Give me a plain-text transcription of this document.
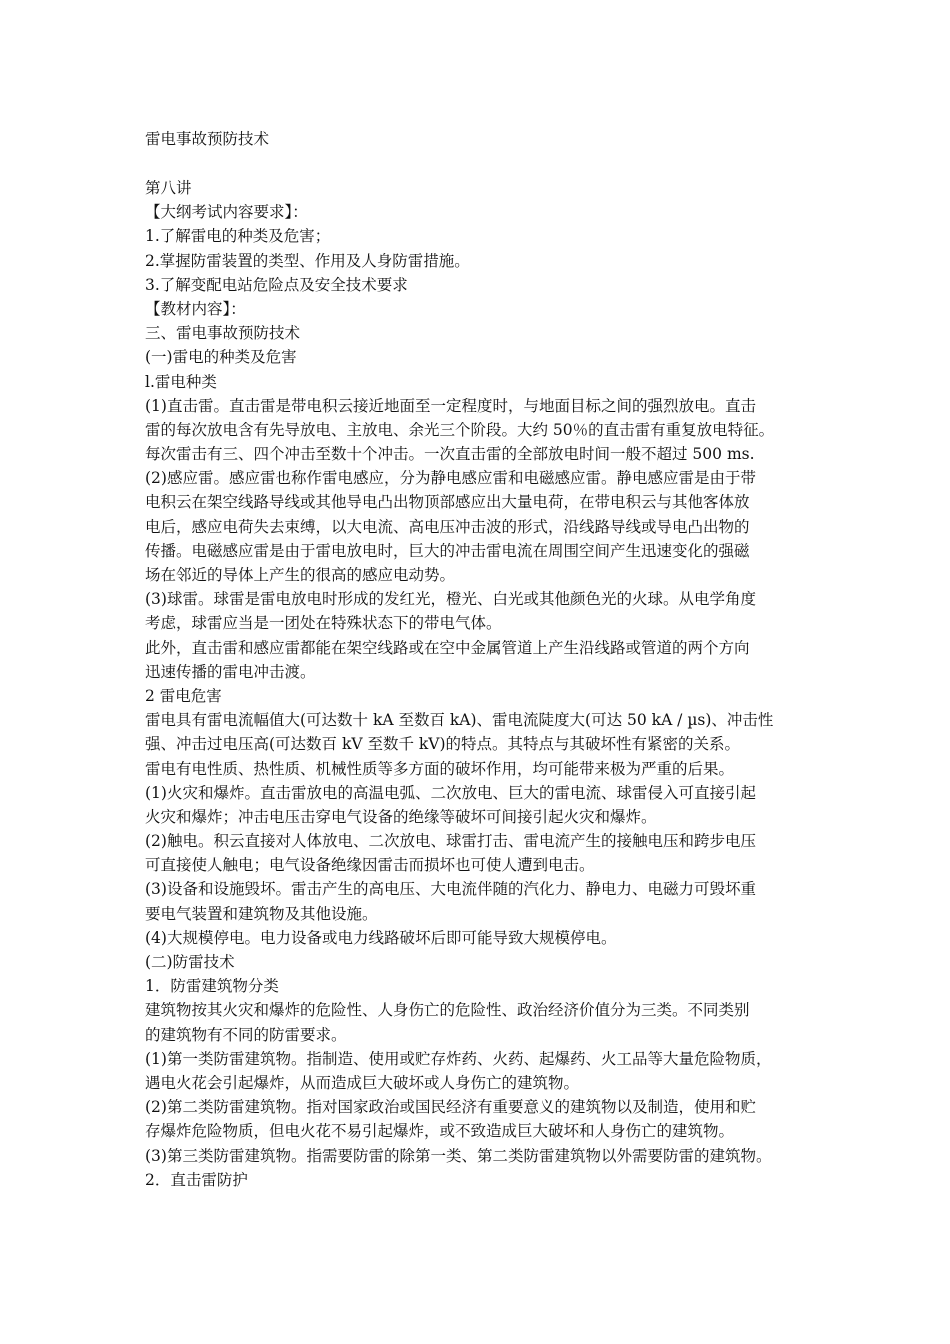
雷电事故预防技术
第八讲
【大纲考试内容要求】：
1.了解雷电的种类及危害；
2.掌握防雷装置的类型、作用及人身防雷措施。
3.了解变配电站危险点及安全技术要求
【教材内容】：
三、雷电事故预防技术
(一)雷电的种类及危害
l.雷电种类
(1)直击雷。直击雷是带电积云接近地面至一定程度时，与地面目标之间的强烈放电。直击
雷的每次放电含有先导放电、主放电、余光三个阶段。大约 50％的直击雷有重复放电特征。
每次雷击有三、四个冲击至数十个冲击。一次直击雷的全部放电时间一般不超过 500 ms.
(2)感应雷。感应雷也称作雷电感应，分为静电感应雷和电磁感应雷。静电感应雷是由于带
电积云在架空线路导线或其他导电凸出物顶部感应出大量电荷，在带电积云与其他客体放
电后，感应电荷失去束缚，以大电流、高电压冲击波的形式，沿线路导线或导电凸出物的
传播。电磁感应雷是由于雷电放电时，巨大的冲击雷电流在周围空间产生迅速变化的强磁
场在邻近的导体上产生的很高的感应电动势。
(3)球雷。球雷是雷电放电时形成的发红光，橙光、白光或其他颜色光的火球。从电学角度
考虑，球雷应当是一团处在特殊状态下的带电气体。
此外，直击雷和感应雷都能在架空线路或在空中金属管道上产生沿线路或管道的两个方向
迅速传播的雷电冲击渡。
2 雷电危害
雷电具有雷电流幅值大(可达数十 kA 至数百 kA)、雷电流陡度大(可达 50 kA / µs)、冲击性
强、冲击过电压高(可达数百 kV 至数千 kV)的特点。其特点与其破坏性有紧密的关系。
雷电有电性质、热性质、机械性质等多方面的破坏作用，均可能带来极为严重的后果。
(1)火灾和爆炸。直击雷放电的高温电弧、二次放电、巨大的雷电流、球雷侵入可直接引起
火灾和爆炸；冲击电压击穿电气设备的绝缘等破坏可间接引起火灾和爆炸。
(2)触电。积云直接对人体放电、二次放电、球雷打击、雷电流产生的接触电压和跨步电压
可直接使人触电；电气设备绝缘因雷击而损坏也可使人遭到电击。
(3)设备和设施毁坏。雷击产生的高电压、大电流伴随的汽化力、静电力、电磁力可毁坏重
要电气装置和建筑物及其他设施。
(4)大规模停电。电力设备或电力线路破坏后即可能导致大规模停电。
(二)防雷技术
1．防雷建筑物分类
建筑物按其火灾和爆炸的危险性、人身伤亡的危险性、政治经济价值分为三类。不同类别
的建筑物有不同的防雷要求。
(1)第一类防雷建筑物。指制造、使用或贮存炸药、火药、起爆药、火工品等大量危险物质，
遇电火花会引起爆炸，从而造成巨大破坏或人身伤亡的建筑物。
(2)第二类防雷建筑物。指对国家政治或国民经济有重要意义的建筑物以及制造，使用和贮
存爆炸危险物质，但电火花不易引起爆炸，或不致造成巨大破坏和人身伤亡的建筑物。
(3)第三类防雷建筑物。指需要防雷的除第一类、第二类防雷建筑物以外需要防雷的建筑物。
2．直击雷防护
